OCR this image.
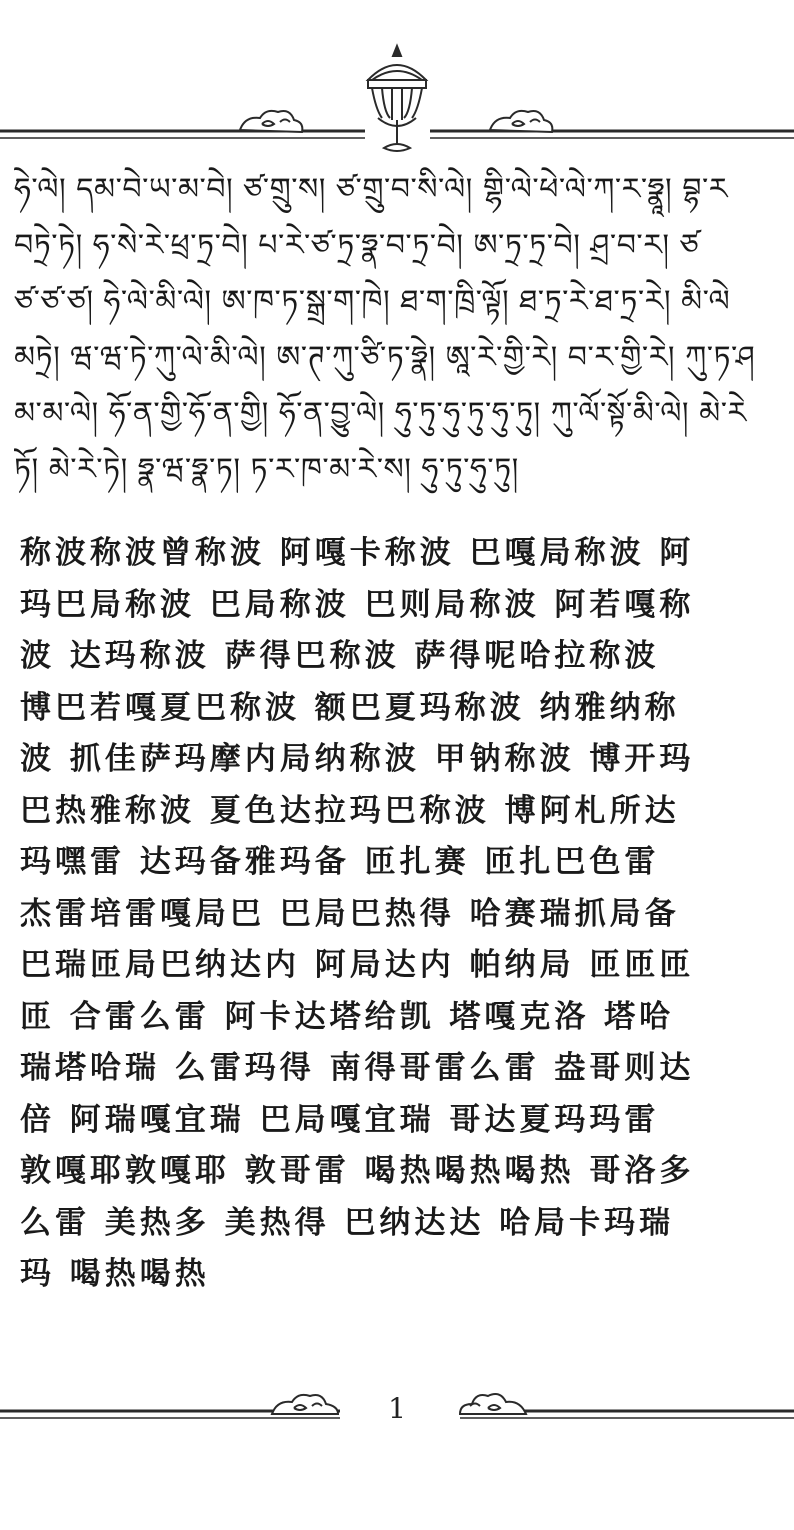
ཧེ་ལེ། དམ་བེ་ཡ་མ་བེ། ཙ་གྲུ་ས། ཙ་གྲུ་བ་སི་ལེ། གྷི་ལེ་ཕེ་ལེ་ཀ་ར་ཧྣཱ། བྷ་ར
བཏྲེ་ཏེ། ཧ་སེ་རེ་ཕྲ་ཏྲ་བེ། པ་རེ་ཙ་ཏྲ་ཧྣ་བ་ཏྲ་བེ། ཨ་ཏྲ་ཏྲ་བེ། ཤྲ་བ་ར། ཙ
ཙ་ཙ་ཙ། ཧེ་ལེ་མི་ལེ། ཨ་ཁ་ཏ་སྒྲ་ག་ཁེ། ཐ་ག་ཁྲི་ལྟོ། ཐ་ཏྲ་རེ་ཐ་ཏྲ་རེ། མི་ལེ
མཏྲེ། ཝ་ཝ་ཏེ་ཀུ་ལེ་མི་ལེ། ཨ་ཊ་ཀུ་ཙི་ཏ་ཧྣེ། ཨཱ་རེ་གྱི་རེ། བ་ར་གྱི་རེ། ཀུ་ཏ་ཤ
མ་མ་ལེ། ཧོ་ན་གྱི་ཧོ་ན་གྱི། ཧོ་ན་བྱུ་ལེ། ཧུ་ཏུ་ཧུ་ཏུ་ཧུ་ཏུ། ཀུ་ལོ་སྟོ་མི་ལེ། མེ་རེ
ཏོ། མེ་རེ་ཏེ། ཧྣ་ཝ་ཧྣ་ཏ། ཏ་ར་ཁ་མ་རེ་ས། ཧུ་ཏུ་ཧུ་ཏུ།
称波称波曾称波 阿嘎卡称波 巴嘎局称波 阿
玛巴局称波 巴局称波 巴则局称波 阿若嘎称
波 达玛称波 萨得巴称波 萨得呢哈拉称波
博巴若嘎夏巴称波 额巴夏玛称波 纳雅纳称
波 抓佳萨玛摩内局纳称波 甲钠称波 博开玛
巴热雅称波 夏色达拉玛巴称波 博阿札所达
玛嘿雷 达玛备雅玛备 匝扎赛 匝扎巴色雷
杰雷培雷嘎局巴 巴局巴热得 哈赛瑞抓局备
巴瑞匝局巴纳达内 阿局达内 帕纳局 匝匝匝
匝 合雷么雷 阿卡达塔给凯 塔嘎克洛 塔哈
瑞塔哈瑞 么雷玛得 南得哥雷么雷 盎哥则达
倍 阿瑞嘎宜瑞 巴局嘎宜瑞 哥达夏玛玛雷
敦嘎耶敦嘎耶 敦哥雷 喝热喝热喝热 哥洛多
么雷 美热多 美热得 巴纳达达 哈局卡玛瑞
玛 喝热喝热
1
